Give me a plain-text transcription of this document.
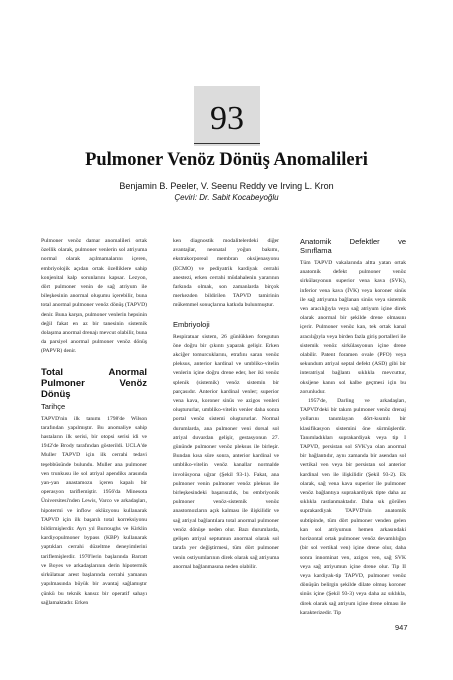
93
Pulmoner Venöz Dönüş Anomalileri
Benjamin B. Peeler, V. Seenu Reddy ve Irving L. Kron
Çeviri: Dr. Sabit Kocabeyoğlu

Pulmoner venöz damar anomalileri ortak özellik olarak, pulmoner venlerin sol atriyuma normal olarak açılmamalarını içeren, embriyolojik açıdan ortak özelliklere sahip konjenital kalp sorunlarını kapsar. Lezyon, dört pulmoner venin de sağ atriyum ile bileşkesinin anormal oluşumu içerebilir, buna total anormal pulmoner venöz dönüş (TAPVD) denir. Buna karşın, pulmoner venlerin hepsinin değil fakat en az bir tanesinin sistemik dolaşıma anormal drenajı mevcut olabilir, buna da parsiyel anormal pulmoner venöz dönüş (PAPVR) denir.

Total Anormal Pulmoner Venöz Dönüş
Tarihçe

TAPVD'nin ilk tanımı 1798'de Wilson tarafından yapılmıştır. Bu anomaliye sahip hastaların ilk serisi, bir otopsi serisi idi ve 1942'de Brody tarafından gösterildi. UCLA'de Muller TAPVD için ilk cerrahi tedavi teşebbüsünde bulundu. Muller ana pulmoner ven trunkusu ile sol atriyal apendiks arasında yan-yan anastamozu içeren kapalı bir operasyon tariflemiştir. 1956'da Minesota Üniversitesi'nden Lewis, Varco ve arkadaşları, hipotermi ve inflow oklüzyonu kullanarak TAPVD için ilk başarılı total korreksiyonu bildirmişlerdir. Ayrı yıl Burroughs ve Kirklin kardiyopulmoner bypass (KBP) kullanarak yaptıkları cerrahi düzeltme deneyimlerini tariflemişlerdir. 1970'lerin başlarında Barratt ve Boyes ve arkadaşlarının derin hipotermik sirkülatuar arest başlarında cerrahi yamanın yapılmasında büyük bir avantaj sağlamıştır çünkü bu teknik kansız bir operatif sahayı sağlamaktadır. Erken

ken diagnostik modalitelerdeki diğer avantajlar, neonatal yoğun bakımı, ekstrakorporeal membran oksijenasyonu (ECMO) ve pediyatrik kardiyak cerrahi anestezi, erken cerrahi müdahalenin yararının farkında olmak, son zamanlarda birçok merkezden bildirilen TAPVD tamirinin mükemmel sonuçlarına katkıda bulunmuştur.

Embriyoloji

Respiratuar sistem, 26 günlükken foregutun öne doğru bir çıkıntı yaparak gelişir. Erken akciğer tomurcuklarını, etrafını saran venöz pleksus, anterior kardinal ve umbliko-vitelin venlerin içine doğru drene eder, her iki venöz splenik (sistemik) venöz sistemin bir parçasıdır. Anterior kardinal venler; superior vena kava, koroner sinüs ve azigos venleri oluştururlar, umbliko-vitelin venler daha sonra portal venöz sistemi oluştururlar. Normal durumlarda, ana pulmoner veni dorsal sol atriyal duvardan gelişir, gestasyonun 27. gününde pulmoner venöz pleksus ile birleşir. Bundan kısa süre sonra, anterior kardinal ve umbliko-vitelin venöz kanallar normalde involüsyona uğrar (Şekil 93-1). Fakat, ana pulmoner venin pulmoner venöz pleksus ile birleşkesindeki başarısızlık, bu embriyonik pulmoner venöz-sistemik venöz anastomozların açık kalması ile ilişkilidir ve sağ atriyal bağlantılara total anormal pulmoner venöz dönüşe neden olur. Bazı durumlarda, gelişen atriyal septumun anormal olarak sol tarafa yer değiştirmesi, tüm dört pulmoner venin ostiyumlarının direk olarak sağ atriyuma anormal bağlanmasına neden olabilir.

Anatomik Defektler ve Sınıflama

Tüm TAPVD vakalarında altta yatan ortak anatomik defekt pulmoner venöz sirkülasyonun superior vena kava (SVK), inferior vena kava (İVK) veya koroner sinüs ile sağ atriyuma bağlanan sinüs veya sistemik ven aracılığıyla veya sağ atriyum içine direk olarak anormal bir şekilde drene olmasını içerir. Pulmoner venöz kan, tek ortak kanal aracılığıyla veya birden fazla giriş portalleri ile sistemik venöz sirkülasyonun içine drene olabilir. Patent foramen ovale (PFO) veya sekundum atriyal septal defekt (ASD) gibi bir interatriyal bağlantı sıklıkla mevcuttur, oksijene kanın sol kalbe geçmesi için bu zorunludur.

1957'de, Darling ve arkadaşları, TAPVD'deki bir takım pulmoner venöz drenaj yollarını tanımlayan dört-kısımlı bir klasifikasyon sistemini öne sürmüşlerdir. Tanımladıkları suprakardiyak veya tip I TAPVD, persistan sol SVK'ya olan anormal bir bağlantıdır, aynı zamanda bir asendan sol vertikal ven veya bir persistan sol anterior kardinal ven ile ilişkilidir (Şekil 93-2). Ek olarak, sağ vena kava superior ile pulmoner venöz bağlantıya suprakardiyak tipte daha az sıklıkla rastlanmaktadır. Daha sık görülen suprakardiyak TAPVD'nin anatomik subtipinde, tüm dört pulmoner venden gelen kan sol atriyumun hemen arkasındaki horizontal ortak pulmoner venöz devamlılığın (bir sol vertikal ven) içine drene olur, daha sonra innominat ven, azigos ven, sağ SVK veya sağ atriyumun içine drene olur. Tip II veya kardiyak-tip TAPVD, pulmoner venöz dönüşün belirgin şekilde dilate olmuş koroner sinüs içine (Şekil 93-3) veya daha az sıklıkla, direk olarak sağ atriyum içine drene olması ile karakterizedir. Tip

947
